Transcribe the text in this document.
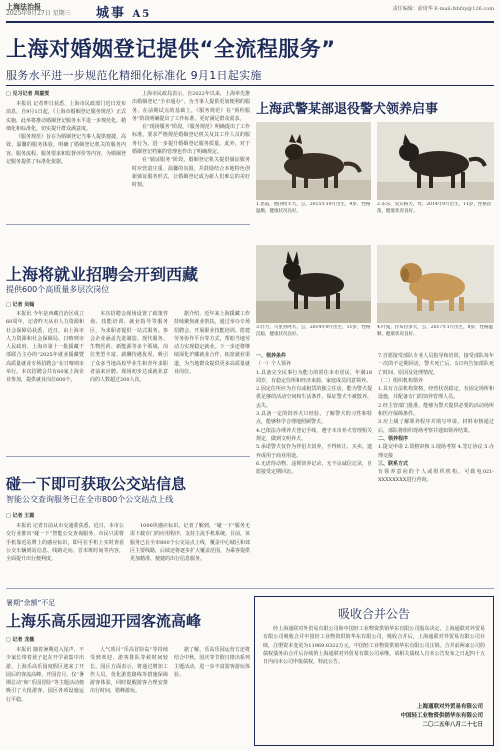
上海法治报
2025年9月27日 星期三 城事 A5	责任编辑：俞琦华 E-mail:fzbfzy@126.com
上海对婚姻登记提供“全流程服务”
服务水平进一步规范化精细化标准化 9月1日起实施
□ 见习记者 周嘉雯

本报讯 记者昨日获悉，上海市民政部门近日发布消息，自9月1日起，《上海市婚姻登记服务规范》正式实施，此举将推动婚姻登记服务水平进一步规范化、精细化和标准化，切实提升群众满意度。

《服务规范》旨在为婚姻登记当事人提供便捷、高效、温馨的服务体验，明确了婚姻登记机关的服务内容、服务流程、服务要求和监督评价等内容，为婚姻登记服务提供了标准化依据。

上海市民政局表示，自2022年以来，上海率先推出婚姻登记“全市通办”，为当事人提供更加便利的服务。在前期试点的基础上，《服务规范》在“预约服务”阶段明确提出了工作标准，更好满足群众需求。

在“现场服务”阶段，《服务规范》明确提出了工作标准，要求严格规范婚姻登记机关及其工作人员的服务行为，进一步提升婚姻登记服务质量。此外，对于婚姻登记档案的管理也作出了明确规定。

在“颁证服务”阶段，婚姻登记机关提供颁证服务时应营造庄重、温馨的氛围，并鼓励结合本地特色创新颁证服务形式，让婚姻登记成为新人们难忘的美好时刻。

上海武警某部退役警犬领养启事
1.昆霞，德国牧羊犬，公，2015年10月出生，9岁，性格温顺，健康状况良好。
2.乐乐，史宾格犬，母，2014年9月出生，11岁，性格活泼，健康状况良好。
3.壮力，马里努阿犬，公，2014年9月出生，11岁，性格沉稳，健康状况良好。
4.叶蔓，拉布拉多犬，公，2017年1月出生，8岁，性格温顺，健康状况良好。
一、领养条件
（一）个人领养
1.具备完全民事行为能力的常住本市居民，年满18周岁，有稳定住所和经济来源，家庭成员同意领养。
2.固定住所应为自有或租赁的独立住房，能为警犬提供足够的活动空间和生活条件，保证警犬不被散养、丢失。
3.具备一定的饲养犬只经验，了解警犬的习性和特点，能够科学合理地照顾警犬。
4.已依法办理养犬登记手续，遵守本市养犬管理相关规定，做到文明养犬。
5.承诺警犬仅作为伴侣犬饲养，不得转让、买卖、遗弃或用于商业用途。
6.无虐待动物、违规饲养记录，无不良诚信记录，自愿接受定期回访。
7.自愿接受部队专业人员指导和培训，接受部队每年一次的不定期回访，警犬死亡后，5日内告知部队死亡时间、原因及处理情况。
（二）组织机构领养
1.具有合法机构资格，经营状况稳定，有固定场所和设施，并配备专门的饲养管理人员。
2.经主管部门批准，能够为警犬提供必要的活动场所和医疗保障条件。
3.应上级了解领养程序并填写申请，材料审核通过后，部队将组织现场考察并通知领养结果。
二、领养程序
1.提交申请 2.资格审核 3.现场考察 4.签订协议 5.办理交接
三、联系方式
有领养意向的个人或组织机构，可致电021-XXXXXXXX进行咨询。
上海将就业招聘会开到西藏
提供600个高质量多层次岗位
□ 记者 吴翰
本报讯 今年是西藏自治区成立60周年，记者昨天从市人力资源和社会保障局获悉，近日，由上海市人力资源和社会保障局、日喀则市人民政府、上海市第十一批援藏干部联合主办的“2025年就业援藏暨高质量就业专场招聘会”在日喀则市举行。本次招聘会共有60家上海企业参加，提供就业岗位600个。
本次招聘会现场设置了政策咨询、技能培训、就业指导等服务区，为求职者提供一站式服务。参会企业涵盖先进制造、现代服务、生物医药、新能源等多个领域，岗位类型丰富、薪酬待遇优厚，吸引了众多当地高校毕业生和青年求职者前来应聘。现场初步达成就业意向的人数超过200人次。
据介绍，近年来上海援藏工作持续聚焦就业帮扶，通过举办专场招聘会、开展职业技能培训、搭建劳务协作平台等方式，帮助当地劳动力实现稳定就业。下一步还将继续深化沪藏就业合作，拓宽就业渠道，为当地群众提供更多高质量就业岗位。
碰一下即可获取公交站信息
智能公交查询服务已在全市800个公交站点上线
□ 记者 王霜
本报讯 记者日前从市交通委获悉，近日，本市公交行业推出“碰一下”智能公交查询服务，市民只需将手机靠近站牌上的感应标识，即可在手机上实时查看公交车辆到站信息、线路走向、首末班时间等内容，全面提升出行便利度。
1000块感应标识。记者了解到，“碰一下”服务无需下载专门的应用程序，支持主流手机系统。目前，该服务已在全市800个公交站点上线，覆盖中心城区和郊区主要线路，后续还将逐步扩大覆盖范围，为乘客提供更加精准、便捷的出行信息服务。
暑期“余额”不足
上海乐高乐园迎开园客流高峰
□ 记者 龙薇
本报讯 随着暑期进入尾声，不少家长带着孩子赶在开学前集中出游，上海乐高乐园度假区迎来了开园后的客流高峰。开园首月，仅“暑期总动”和“乐园冒险”等主题活动便吸引了大批游客，园区各项设施运行平稳。
人气项目“乐高冒险岛”等持续受到欢迎，游客排队等候时间较长。园区方面表示，将通过增加工作人员、优化游览路线等措施保障游客体验，同时提醒游客合理安排出行时间，错峰游玩。
据了解，乐高乐园运营方还将结合中秋、国庆等节假日推出系列主题活动，进一步丰富游客游玩体验。
吸收合并公告
经上海通联对外贸易有限公司和中国轻工业物资供销华东有限公司股东决定，上海通联对外贸易有限公司吸收合并中国轻工业物资供销华东有限公司，吸收合并后，上海通联对外贸易有限公司存续，注册资本变更为11969.8322万元，中国轻工业物资供销华东有限公司注销。合并前两家公司的债权债务由合并后存续的上海通联对外贸易有限公司承继。请相关债权人自本公告发布之日起四十五日内向本公司申报债权。特此公告。
上海通联对外贸易有限公司
中国轻工业物资供销华东有限公司
二〇二五年八月二十七日
